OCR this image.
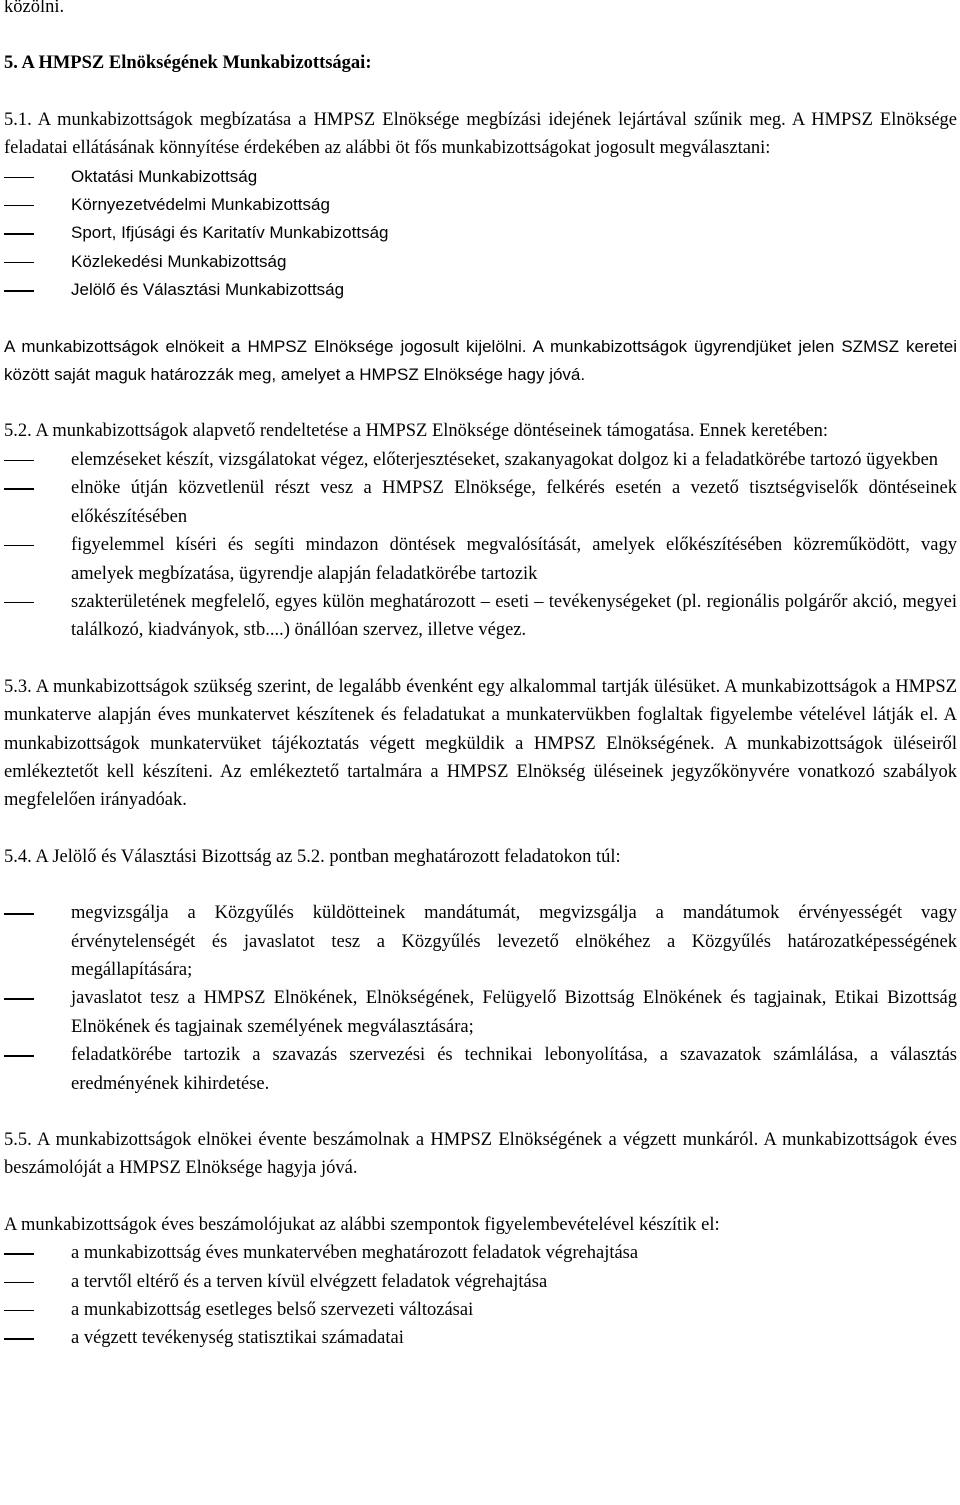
közölni.

5. A HMPSZ Elnökségének Munkabizottságai:

5.1. A munkabizottságok megbízatása a HMPSZ Elnöksége megbízási idejének lejártával szűnik meg. A HMPSZ Elnöksége feladatai ellátásának könnyítése érdekében az alábbi öt fős munkabizottságokat jogosult megválasztani:

Oktatási Munkabizottság
Környezetvédelmi Munkabizottság
Sport, Ifjúsági és Karitatív Munkabizottság
Közlekedési Munkabizottság
Jelölő és Választási Munkabizottság

A munkabizottságok elnökeit a HMPSZ Elnöksége jogosult kijelölni. A munkabizottságok ügyrendjüket jelen SZMSZ keretei között saját maguk határozzák meg, amelyet a HMPSZ Elnöksége hagy jóvá.

5.2. A munkabizottságok alapvető rendeltetése a HMPSZ Elnöksége döntéseinek támogatása. Ennek keretében:

elemzéseket készít, vizsgálatokat végez, előterjesztéseket, szakanyagokat dolgoz ki a feladatkörébe tartozó ügyekben
elnöke útján közvetlenül részt vesz a HMPSZ Elnöksége, felkérés esetén a vezető tisztségviselők döntéseinek előkészítésében
figyelemmel kíséri és segíti mindazon döntések megvalósítását, amelyek előkészítésében közreműködött, vagy amelyek megbízatása, ügyrendje alapján feladatkörébe tartozik
szakterületének megfelelő, egyes külön meghatározott – eseti – tevékenységeket (pl. regionális polgárőr akció, megyei találkozó, kiadványok, stb....) önállóan szervez, illetve végez.

5.3. A munkabizottságok szükség szerint, de legalább évenként egy alkalommal tartják ülésüket. A munkabizottságok a HMPSZ munkaterve alapján éves munkatervet készítenek és feladatukat a munkatervükben foglaltak figyelembe vételével látják el. A munkabizottságok munkatervüket tájékoztatás végett megküldik a HMPSZ Elnökségének. A munkabizottságok üléseiről emlékeztetőt kell készíteni. Az emlékeztető tartalmára a HMPSZ Elnökség üléseinek jegyzőkönyvére vonatkozó szabályok megfelelően irányadóak.

5.4. A Jelölő és Választási Bizottság az 5.2. pontban meghatározott feladatokon túl:

megvizsgálja a Közgyűlés küldötteinek mandátumát, megvizsgálja a mandátumok érvényességét vagy érvénytelenségét és javaslatot tesz a Közgyűlés levezető elnökéhez a Közgyűlés határozatképességének megállapítására;
javaslatot tesz a HMPSZ Elnökének, Elnökségének, Felügyelő Bizottság Elnökének és tagjainak, Etikai Bizottság Elnökének és tagjainak személyének megválasztására;
feladatkörébe tartozik a szavazás szervezési és technikai lebonyolítása, a szavazatok számlálása, a választás eredményének kihirdetése.

5.5. A munkabizottságok elnökei évente beszámolnak a HMPSZ Elnökségének a végzett munkáról. A munkabizottságok éves beszámolóját a HMPSZ Elnöksége hagyja jóvá.

A munkabizottságok éves beszámolójukat az alábbi szempontok figyelembevételével készítik el:

a munkabizottság éves munkatervében meghatározott feladatok végrehajtása
a tervtől eltérő és a terven kívül elvégzett feladatok végrehajtása
a munkabizottság esetleges belső szervezeti változásai
a végzett tevékenység statisztikai számadatai
